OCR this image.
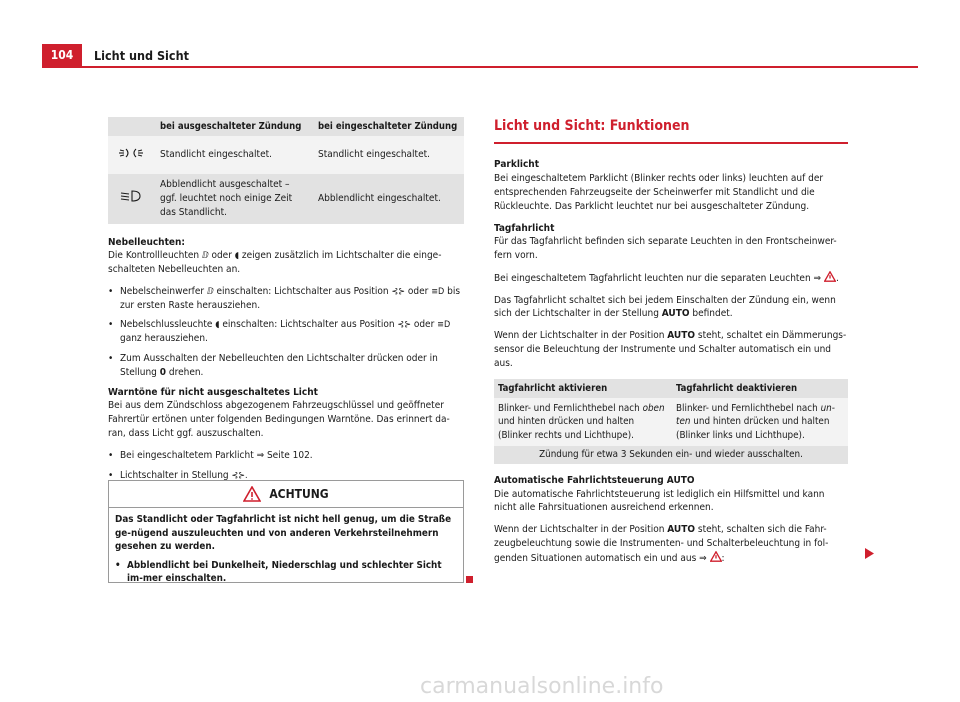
104	Licht und Sicht
	bei ausgeschalteter Zündung	bei eingeschalteter Zündung
	Standlicht eingeschaltet.	Standlicht eingeschaltet.
	Abblendlicht ausgeschaltet – ggf. leuchtet noch einige Zeit das Standlicht.	Abblendlicht eingeschaltet.

Nebelleuchten:

Die Kontrollleuchten ⅅ oder ◖ zeigen zusätzlich im Lichtschalter die einge-schalteten Nebelleuchten an.

• Nebelscheinwerfer ⅅ einschalten: Lichtschalter aus Position ⊰⊱ oder ≡D bis zur ersten Raste herausziehen.
• Nebelschlussleuchte ◖ einschalten: Lichtschalter aus Position ⊰⊱ oder ≡D ganz herausziehen.
• Zum Ausschalten der Nebelleuchten den Lichtschalter drücken oder in Stellung 0 drehen.

Warntöne für nicht ausgeschaltetes Licht

Bei aus dem Zündschloss abgezogenem Fahrzeugschlüssel und geöffneter Fahrertür ertönen unter folgenden Bedingungen Warntöne. Das erinnert da-ran, dass Licht ggf. auszuschalten.

• Bei eingeschaltetem Parklicht ⇒ Seite 102.
• Lichtschalter in Stellung ⊰⊱.
ACHTUNG

Das Standlicht oder Tagfahrlicht ist nicht hell genug, um die Straße ge-nügend auszuleuchten und von anderen Verkehrsteilnehmern gesehen zu werden.

• Abblendlicht bei Dunkelheit, Niederschlag und schlechter Sicht im-mer einschalten.

Licht und Sicht: Funktionen

Parklicht

Bei eingeschaltetem Parklicht (Blinker rechts oder links) leuchten auf der entsprechenden Fahrzeugseite der Scheinwerfer mit Standlicht und die Rückleuchte. Das Parklicht leuchtet nur bei ausgeschalteter Zündung.

Tagfahrlicht

Für das Tagfahrlicht befinden sich separate Leuchten in den Frontscheinwer-fern vorn.

Bei eingeschaltetem Tagfahrlicht leuchten nur die separaten Leuchten ⇒ .

Das Tagfahrlicht schaltet sich bei jedem Einschalten der Zündung ein, wenn sich der Lichtschalter in der Stellung AUTO befindet.

Wenn der Lichtschalter in der Position AUTO steht, schaltet ein Dämmerungs-sensor die Beleuchtung der Instrumente und Schalter automatisch ein und aus.

Tagfahrlicht aktivieren	Tagfahrlicht deaktivieren
Blinker- und Fernlichthebel nach oben und hinten drücken und halten (Blinker rechts und Lichthupe).	Blinker- und Fernlichthebel nach un-ten und hinten drücken und halten (Blinker links und Lichthupe).
Zündung für etwa 3 Sekunden ein- und wieder ausschalten.	

Automatische Fahrlichtsteuerung AUTO

Die automatische Fahrlichtsteuerung ist lediglich ein Hilfsmittel und kann nicht alle Fahrsituationen ausreichend erkennen.

Wenn der Lichtschalter in der Position AUTO steht, schalten sich die Fahr-zeugbeleuchtung sowie die Instrumenten- und Schalterbeleuchtung in fol-genden Situationen automatisch ein und aus ⇒ :

carmanualsonline.info
